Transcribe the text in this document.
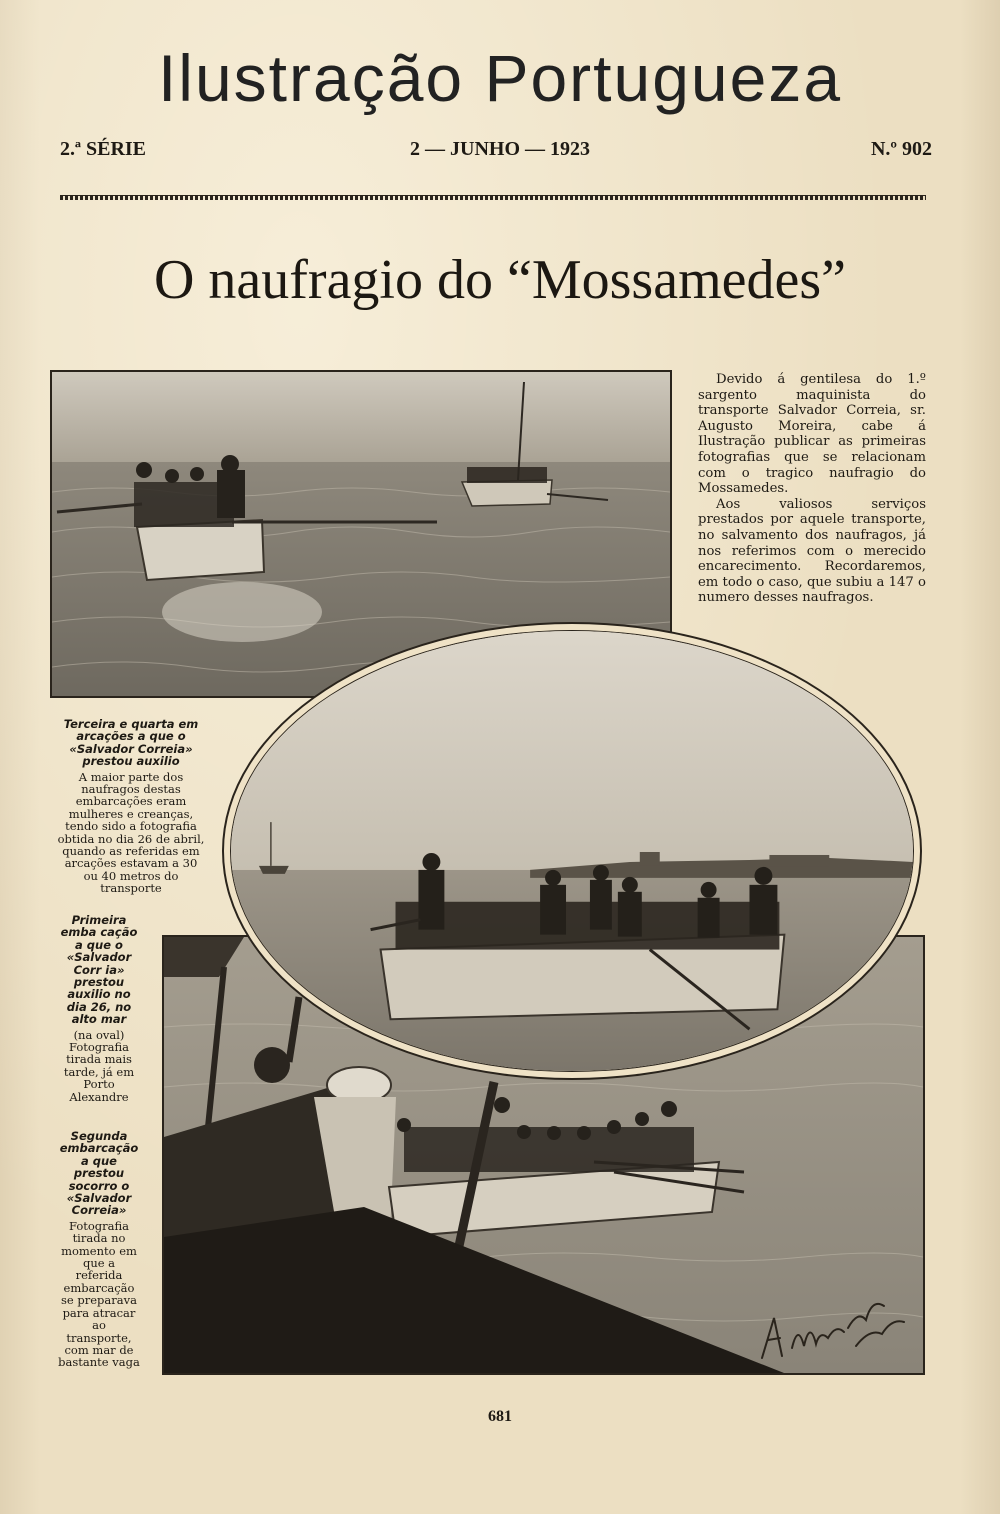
Ilustração Portugueza
2.ª SÉRIE	2 — JUNHO — 1923	N.º 902
O naufragio do “Mossamedes”

Devido á gentilesa do 1.º sargento maquinista do transporte Salvador Correia, sr. Augusto Moreira, cabe á Ilustração publicar as primeiras fotografias que se relacionam com o tragico naufragio do Mossamedes.

Aos valiosos serviços prestados por aquele transporte, no salvamento dos naufragos, já nos referimos com o merecido encarecimento. Recordaremos, em todo o caso, que subiu a 147 o numero desses naufragos.

Terceira e quarta em arcações a que o «Salvador Correia» prestou auxilio
A maior parte dos naufragos destas embarcações eram mulheres e creanças, tendo sido a fotografia obtida no dia 26 de abril, quando as referidas em arcações estavam a 30 ou 40 metros do transporte
Primeira emba cação a que o «Salvador Corr ia» prestou auxilio no dia 26, no alto mar
(na oval) Fotografia tirada mais tarde, já em Porto Alexandre
Segunda embarcação a que prestou socorro o «Salvador Correia»
Fotografia tirada no momento em que a referida embarcação se preparava para atracar ao transporte, com mar de bastante vaga
681
